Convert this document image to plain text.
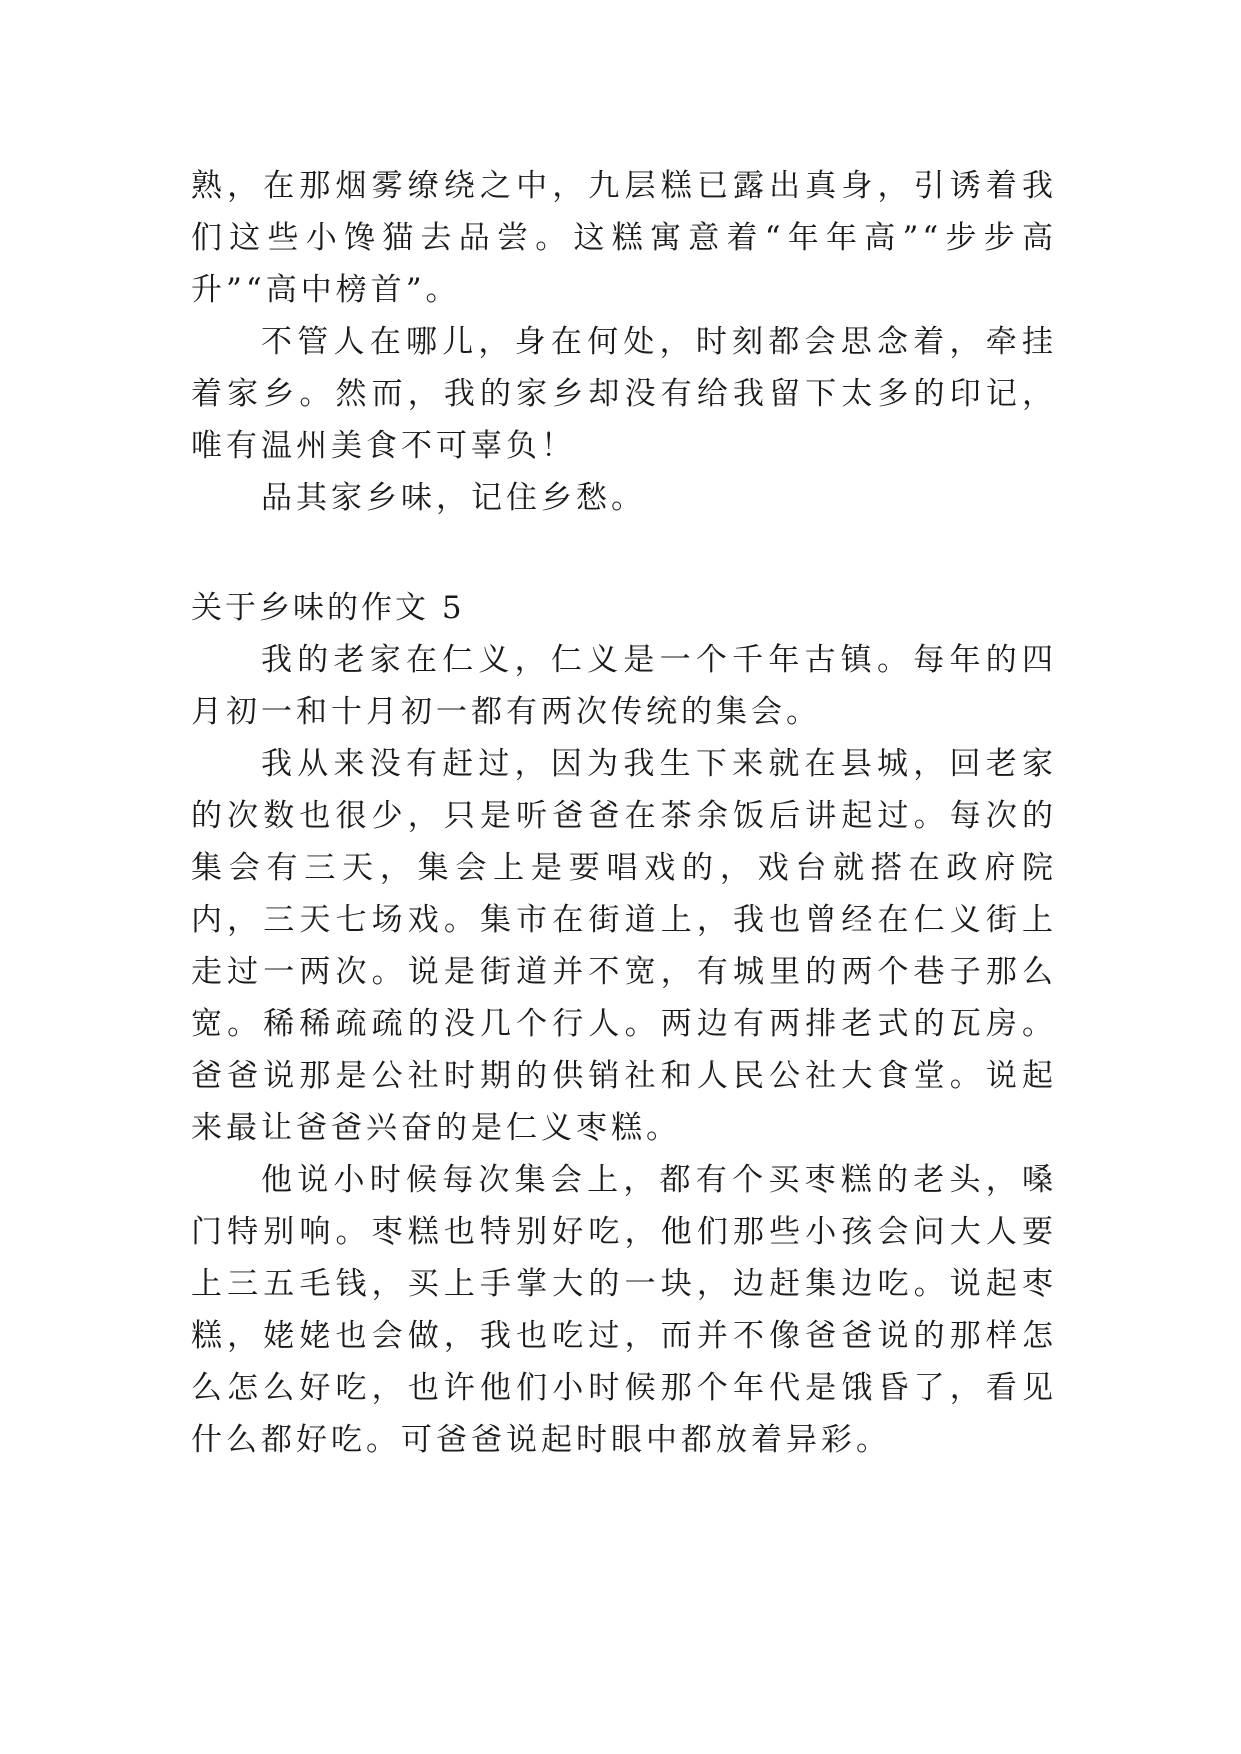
熟，在那烟雾缭绕之中，九层糕已露出真身，引诱着我们这些小馋猫去品尝。这糕寓意着“年年高”“步步高升”“高中榜首”。

不管人在哪儿，身在何处，时刻都会思念着，牵挂着家乡。然而，我的家乡却没有给我留下太多的印记，唯有温州美食不可辜负！

品其家乡味，记住乡愁。

关于乡味的作文 5

我的老家在仁义，仁义是一个千年古镇。每年的四月初一和十月初一都有两次传统的集会。

我从来没有赶过，因为我生下来就在县城，回老家的次数也很少，只是听爸爸在茶余饭后讲起过。每次的集会有三天，集会上是要唱戏的，戏台就搭在政府院内，三天七场戏。集市在街道上，我也曾经在仁义街上走过一两次。说是街道并不宽，有城里的两个巷子那么宽。稀稀疏疏的没几个行人。两边有两排老式的瓦房。爸爸说那是公社时期的供销社和人民公社大食堂。说起来最让爸爸兴奋的是仁义枣糕。

他说小时候每次集会上，都有个买枣糕的老头，嗓门特别响。枣糕也特别好吃，他们那些小孩会问大人要上三五毛钱，买上手掌大的一块，边赶集边吃。说起枣糕，姥姥也会做，我也吃过，而并不像爸爸说的那样怎么怎么好吃，也许他们小时候那个年代是饿昏了，看见什么都好吃。可爸爸说起时眼中都放着异彩。
